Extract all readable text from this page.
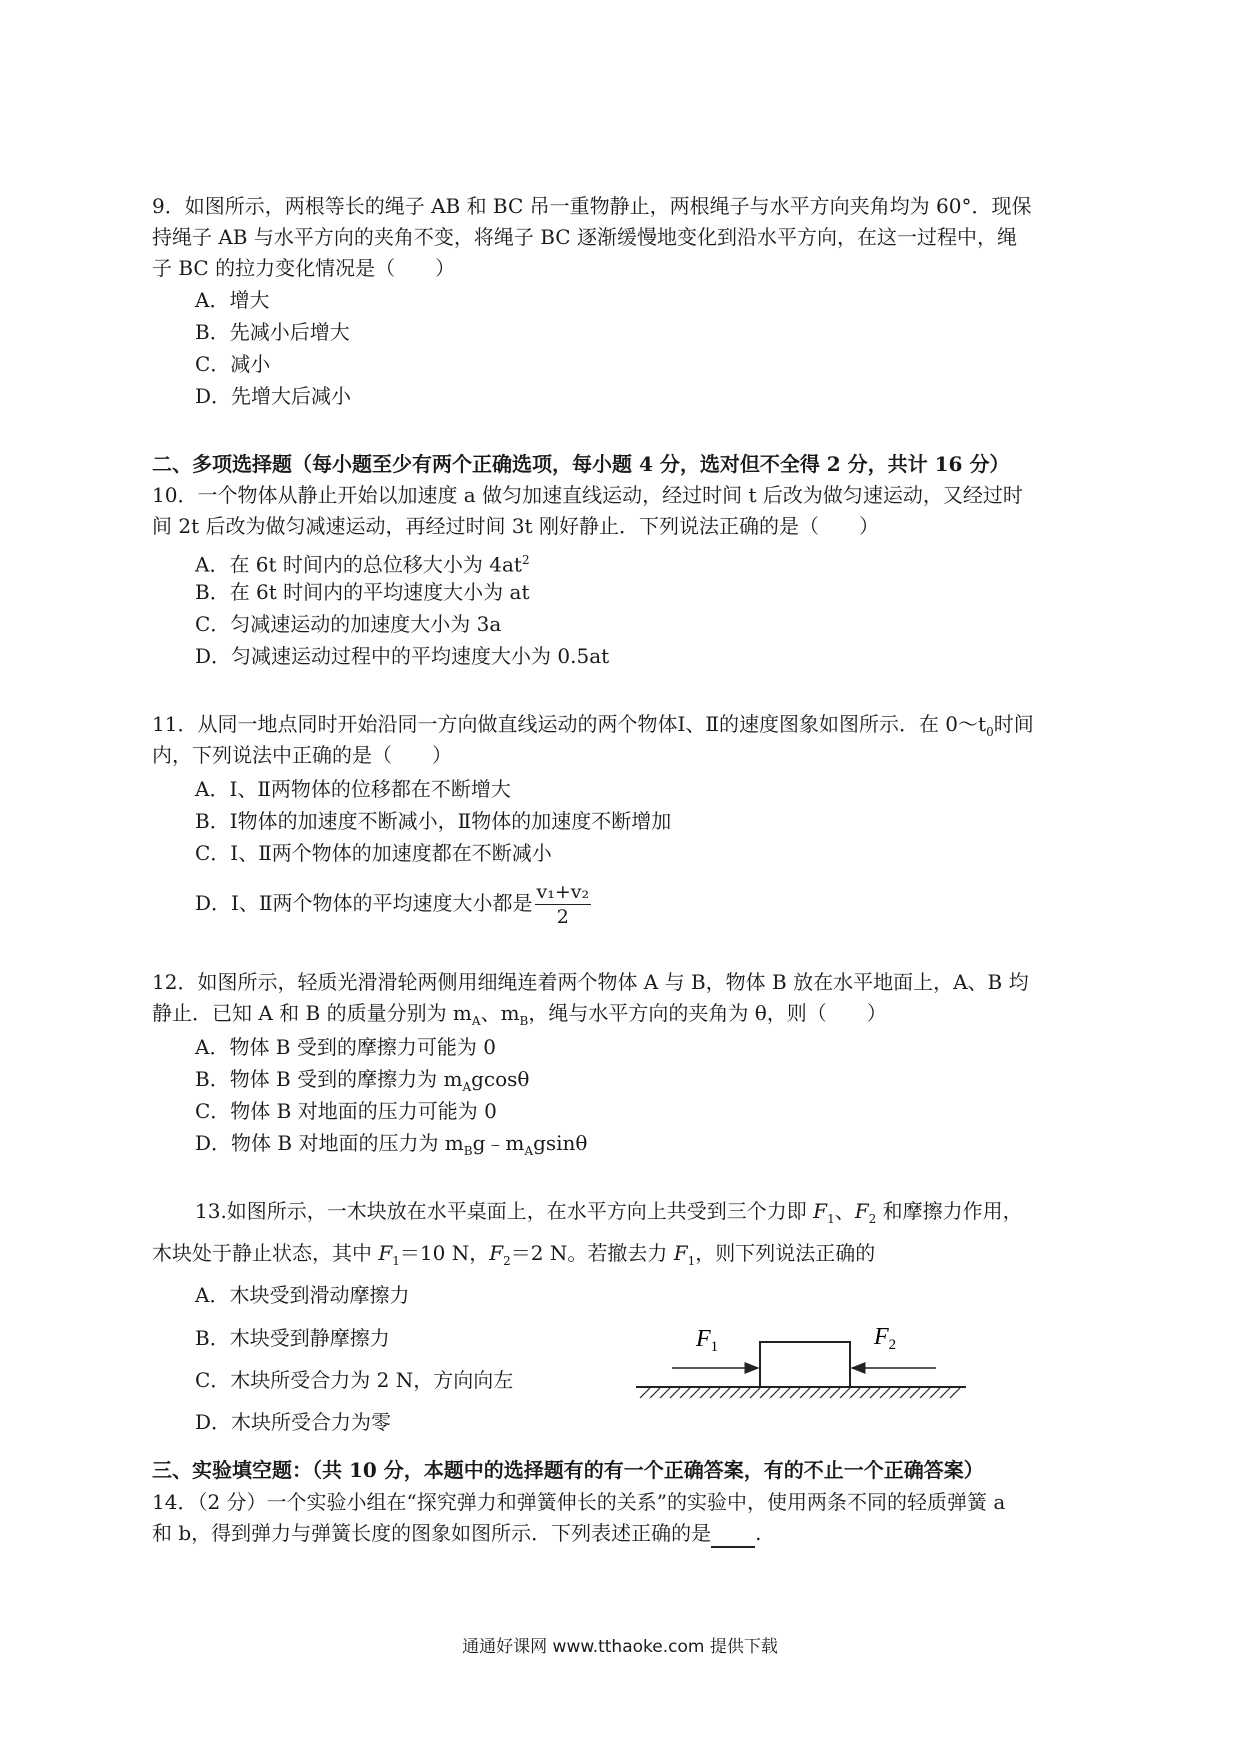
9．如图所示，两根等长的绳子 AB 和 BC 吊一重物静止，两根绳子与水平方向夹角均为 60°．现保
持绳子 AB 与水平方向的夹角不变，将绳子 BC 逐渐缓慢地变化到沿水平方向，在这一过程中，绳
子 BC 的拉力变化情况是（　　）
A．增大
B．先减小后增大
C．减小
D．先增大后减小
二、多项选择题（每小题至少有两个正确选项，每小题 4 分，选对但不全得 2 分，共计 16 分）
10．一个物体从静止开始以加速度 a 做匀加速直线运动，经过时间 t 后改为做匀速运动，又经过时
间 2t 后改为做匀减速运动，再经过时间 3t 刚好静止．下列说法正确的是（　　）
A．在 6t 时间内的总位移大小为 $4at^2$
B．在 6t 时间内的平均速度大小为 at
C．匀减速运动的加速度大小为 3a
D．匀减速运动过程中的平均速度大小为 0.5at
11．从同一地点同时开始沿同一方向做直线运动的两个物体Ⅰ、Ⅱ的速度图象如图所示．在 $0\sim t_0$时间
内，下列说法中正确的是（　　）
A．Ⅰ、Ⅱ两物体的位移都在不断增大
B．Ⅰ物体的加速度不断减小，Ⅱ物体的加速度不断增加
C．Ⅰ、Ⅱ两个物体的加速度都在不断减小
D．Ⅰ、Ⅱ两个物体的平均速度大小都是 $\frac{\text{v₁+v₂}}{2}$
12．如图所示，轻质光滑滑轮两侧用细绳连着两个物体 A 与 B，物体 B 放在水平地面上，A、B 均
静止．已知 A 和 B 的质量分别为 $m_A$、$m_B$，绳与水平方向的夹角为 θ，则（　　）
A．物体 B 受到的摩擦力可能为 0
B．物体 B 受到的摩擦力为 $m_Agcos\theta$
C．物体 B 对地面的压力可能为 0
D．物体 B 对地面的压力为 $m_Bg﹣m_Agsin\theta$
13.如图所示，一木块放在水平桌面上，在水平方向上共受到三个力即 $F_1$、$F_2$ 和摩擦力作用，
木块处于静止状态，其中 $F_1=10$ N，$F_2=2$ N。若撤去力 $F_1$，则下列说法正确的
A．木块受到滑动摩擦力
B．木块受到静摩擦力
C．木块所受合力为 2 N，方向向左
D．木块所受合力为零
$F_1$	$F_2$
三、实验填空题：（共 10 分，本题中的选择题有的有一个正确答案，有的不止一个正确答案）
14．（2 分）一个实验小组在“探究弹力和弹簧伸长的关系”的实验中，使用两条不同的轻质弹簧 a
和 b，得到弹力与弹簧长度的图象如图所示．下列表述正确的是 .
通通好课网 www.tthaoke.com 提供下载
